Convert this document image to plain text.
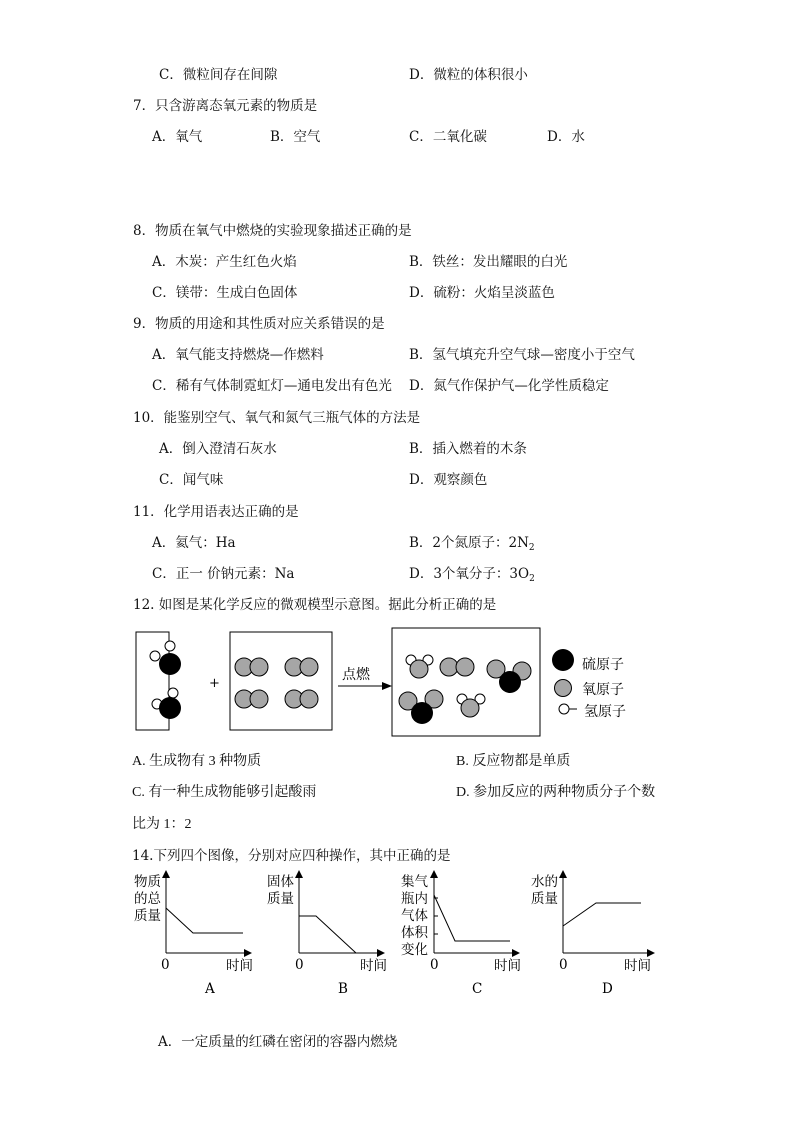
C．微粒间存在间隙	D．微粒的体积很小
7．只含游离态氧元素的物质是
A．氧气	B．空气	C．二氧化碳	D．水
8．物质在氧气中燃烧的实验现象描述正确的是
A．木炭：产生红色火焰	B．铁丝：发出耀眼的白光
C．镁带：生成白色固体	D．硫粉：火焰呈淡蓝色
9．物质的用途和其性质对应关系错误的是
A．氧气能支持燃烧—作燃料	B．氢气填充升空气球—密度小于空气
C．稀有气体制霓虹灯—通电发出有色光 D．氮气作保护气—化学性质稳定
10．能鉴别空气、氧气和氮气三瓶气体的方法是
A．倒入澄清石灰水	B．插入燃着的木条
C．闻气味	D．观察颜色
11．化学用语表达正确的是
A．氦气：Ha	B．2个氮原子：$2N_2$
C．正一 价钠元素：Na	D．3个氧分子：$3O_2$
12. 如图是某化学反应的微观模型示意图。据此分析正确的是
+
点燃
硫原子
氧原子
氢原子
A. 生成物有 3 种物质	B. 反应物都是单质
C. 有一种生成物能够引起酸雨	D. 参加反应的两种物质分子个数
比为 1：2
14.下列四个图像，分别对应四种操作，其中正确的是
物质
的总
质量
0	时间
A
固体
质量
0	时间
B
集气
瓶内
气体
体积
变化
0	时间
C
水的
质量
0	时间
D
A．一定质量的红磷在密闭的容器内燃烧
